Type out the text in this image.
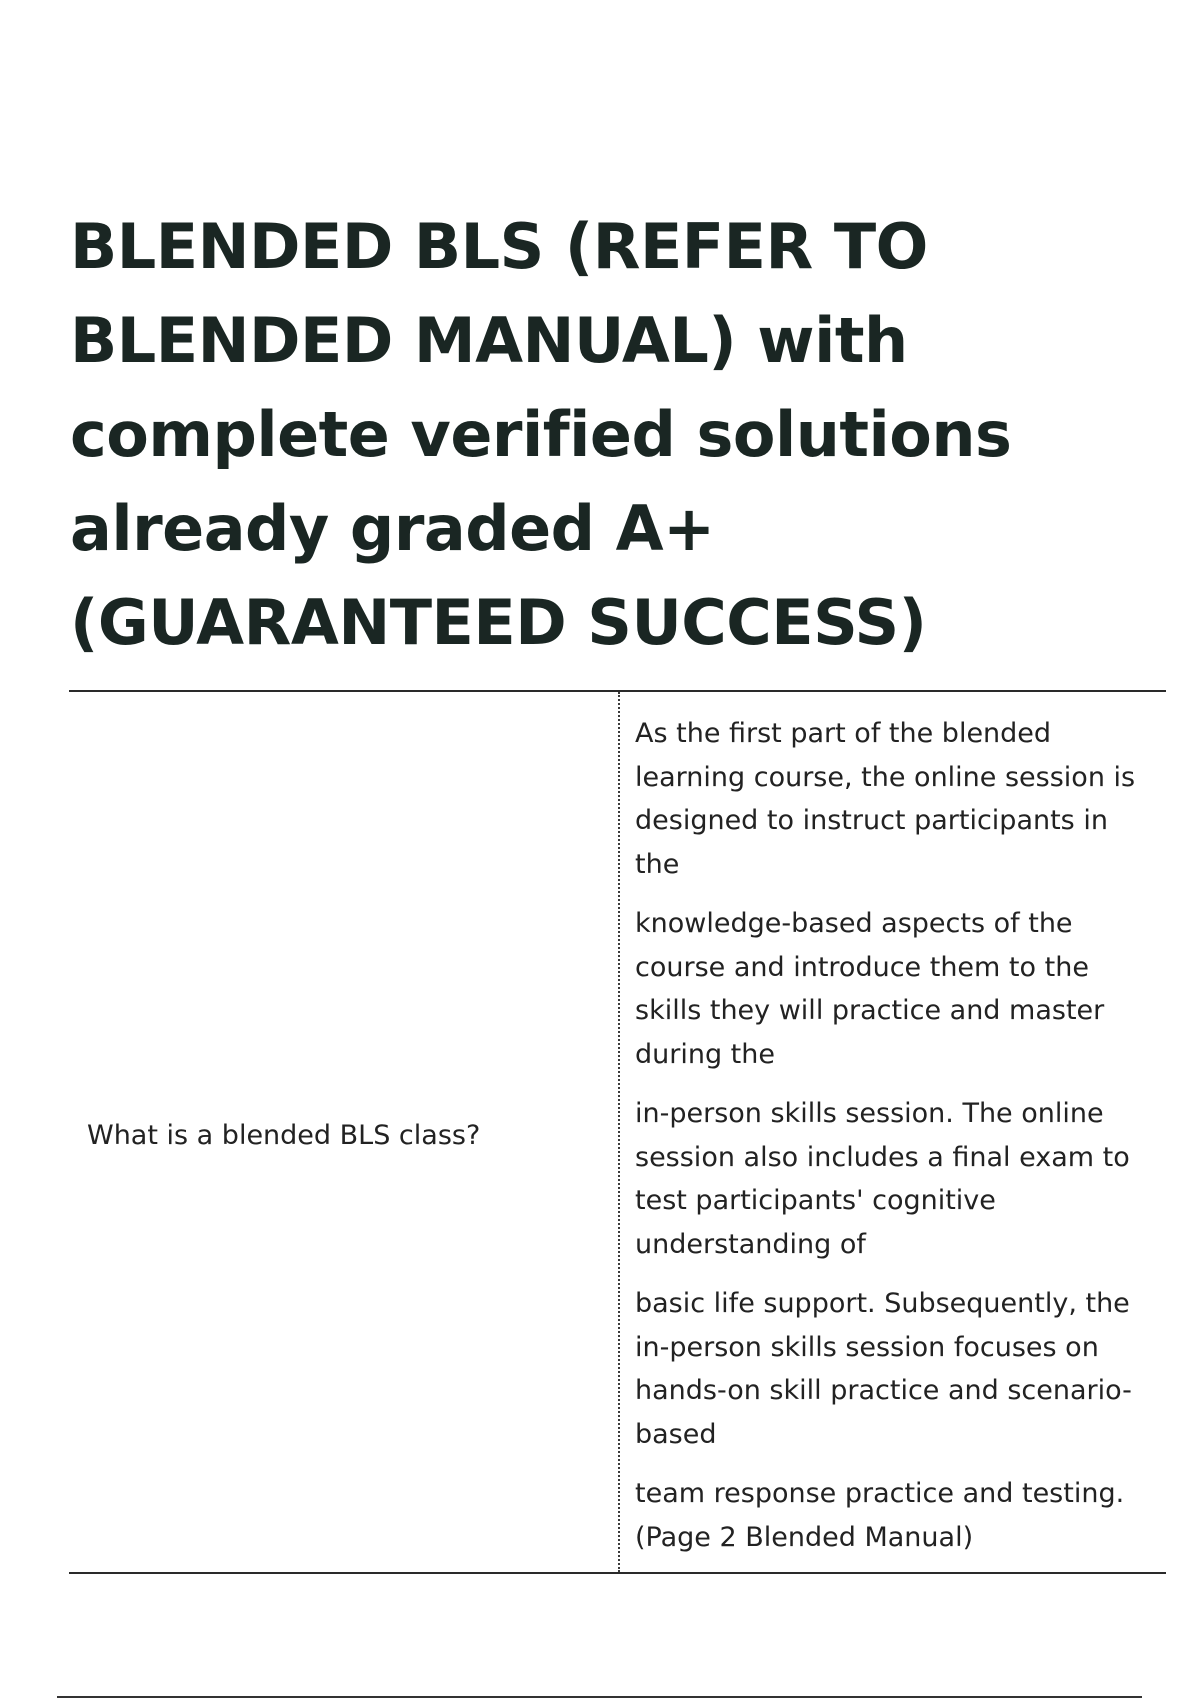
BLENDED BLS (REFER TO
BLENDED MANUAL) with
complete verified solutions
already graded A+
(GUARANTEED SUCCESS)
What is a blended BLS class?
As the first part of the blended
learning course, the online session is
designed to instruct participants in
the
knowledge-based aspects of the
course and introduce them to the
skills they will practice and master
during the
in-person skills session. The online
session also includes a final exam to
test participants' cognitive
understanding of
basic life support. Subsequently, the
in-person skills session focuses on
hands-on skill practice and scenario-
based
team response practice and testing.
(Page 2 Blended Manual)
